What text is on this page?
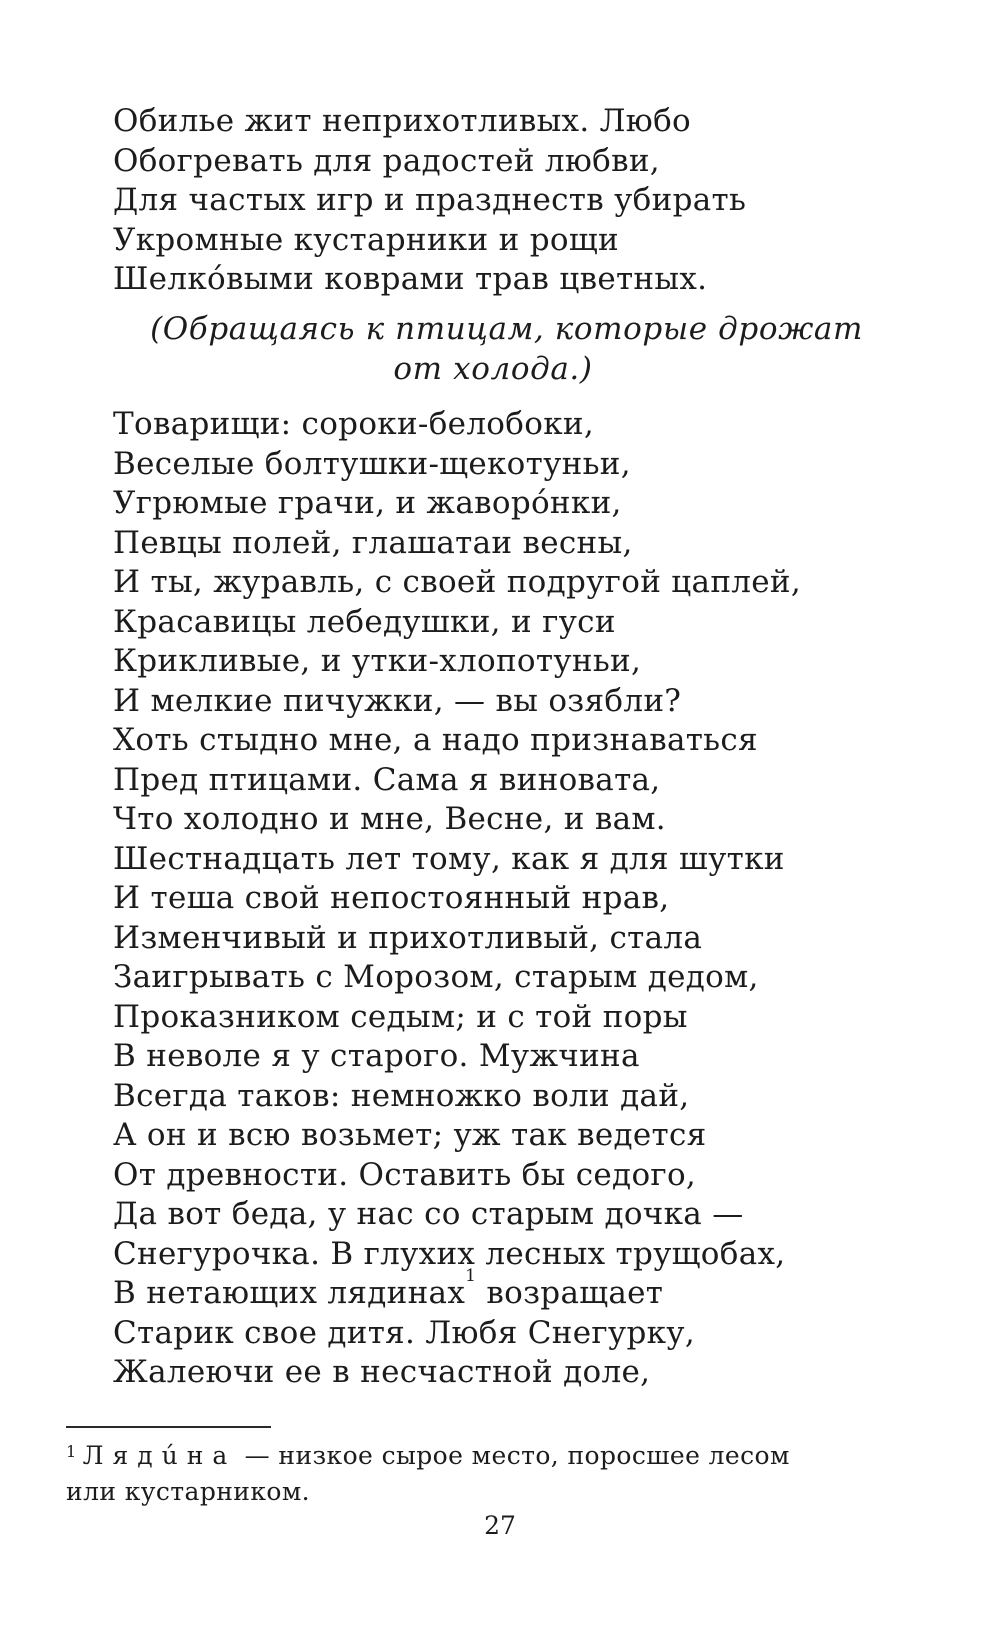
Обилье жит неприхотливых. Любо
Обогревать для радостей любви,
Для частых игр и празднеств убирать
Укромные кустарники и рощи
Шелкóвыми коврами трав цветных.
(Обращаясь к птицам, которые дрожат
от холода.)
Товарищи: сороки-белобоки,
Веселые болтушки-щекотуньи,
Угрюмые грачи, и жавoрóнки,
Певцы полей, глашатаи весны,
И ты, журавль, с своей подругой цаплей,
Красавицы лебедушки, и гуси
Крикливые, и утки-хлопотуньи,
И мелкие пичужки, — вы озябли?
Хоть стыдно мне, а надо признаваться
Пред птицами. Сама я виновата,
Что холодно и мне, Весне, и вам.
Шестнадцать лет тому, как я для шутки
И теша свой непостоянный нрав,
Изменчивый и прихотливый, стала
Заигрывать с Морозом, старым дедом,
Проказником седым; и с той поры
В неволе я у старого. Мужчина
Всегда таков: немножко воли дай,
А он и всю возьмет; уж так ведется
От древности. Оставить бы седого,
Да вот беда, у нас со старым дочка —
Снегурочка. В глухих лесных трущобах,
В нетающих лядинах$^1$ возращает
Старик свое дитя. Любя Снегурку,
Жалеючи ее в несчастной доле,
$^1$ Лядúна — низкое сырое место, поросшее лесом
или кустарником.
27
